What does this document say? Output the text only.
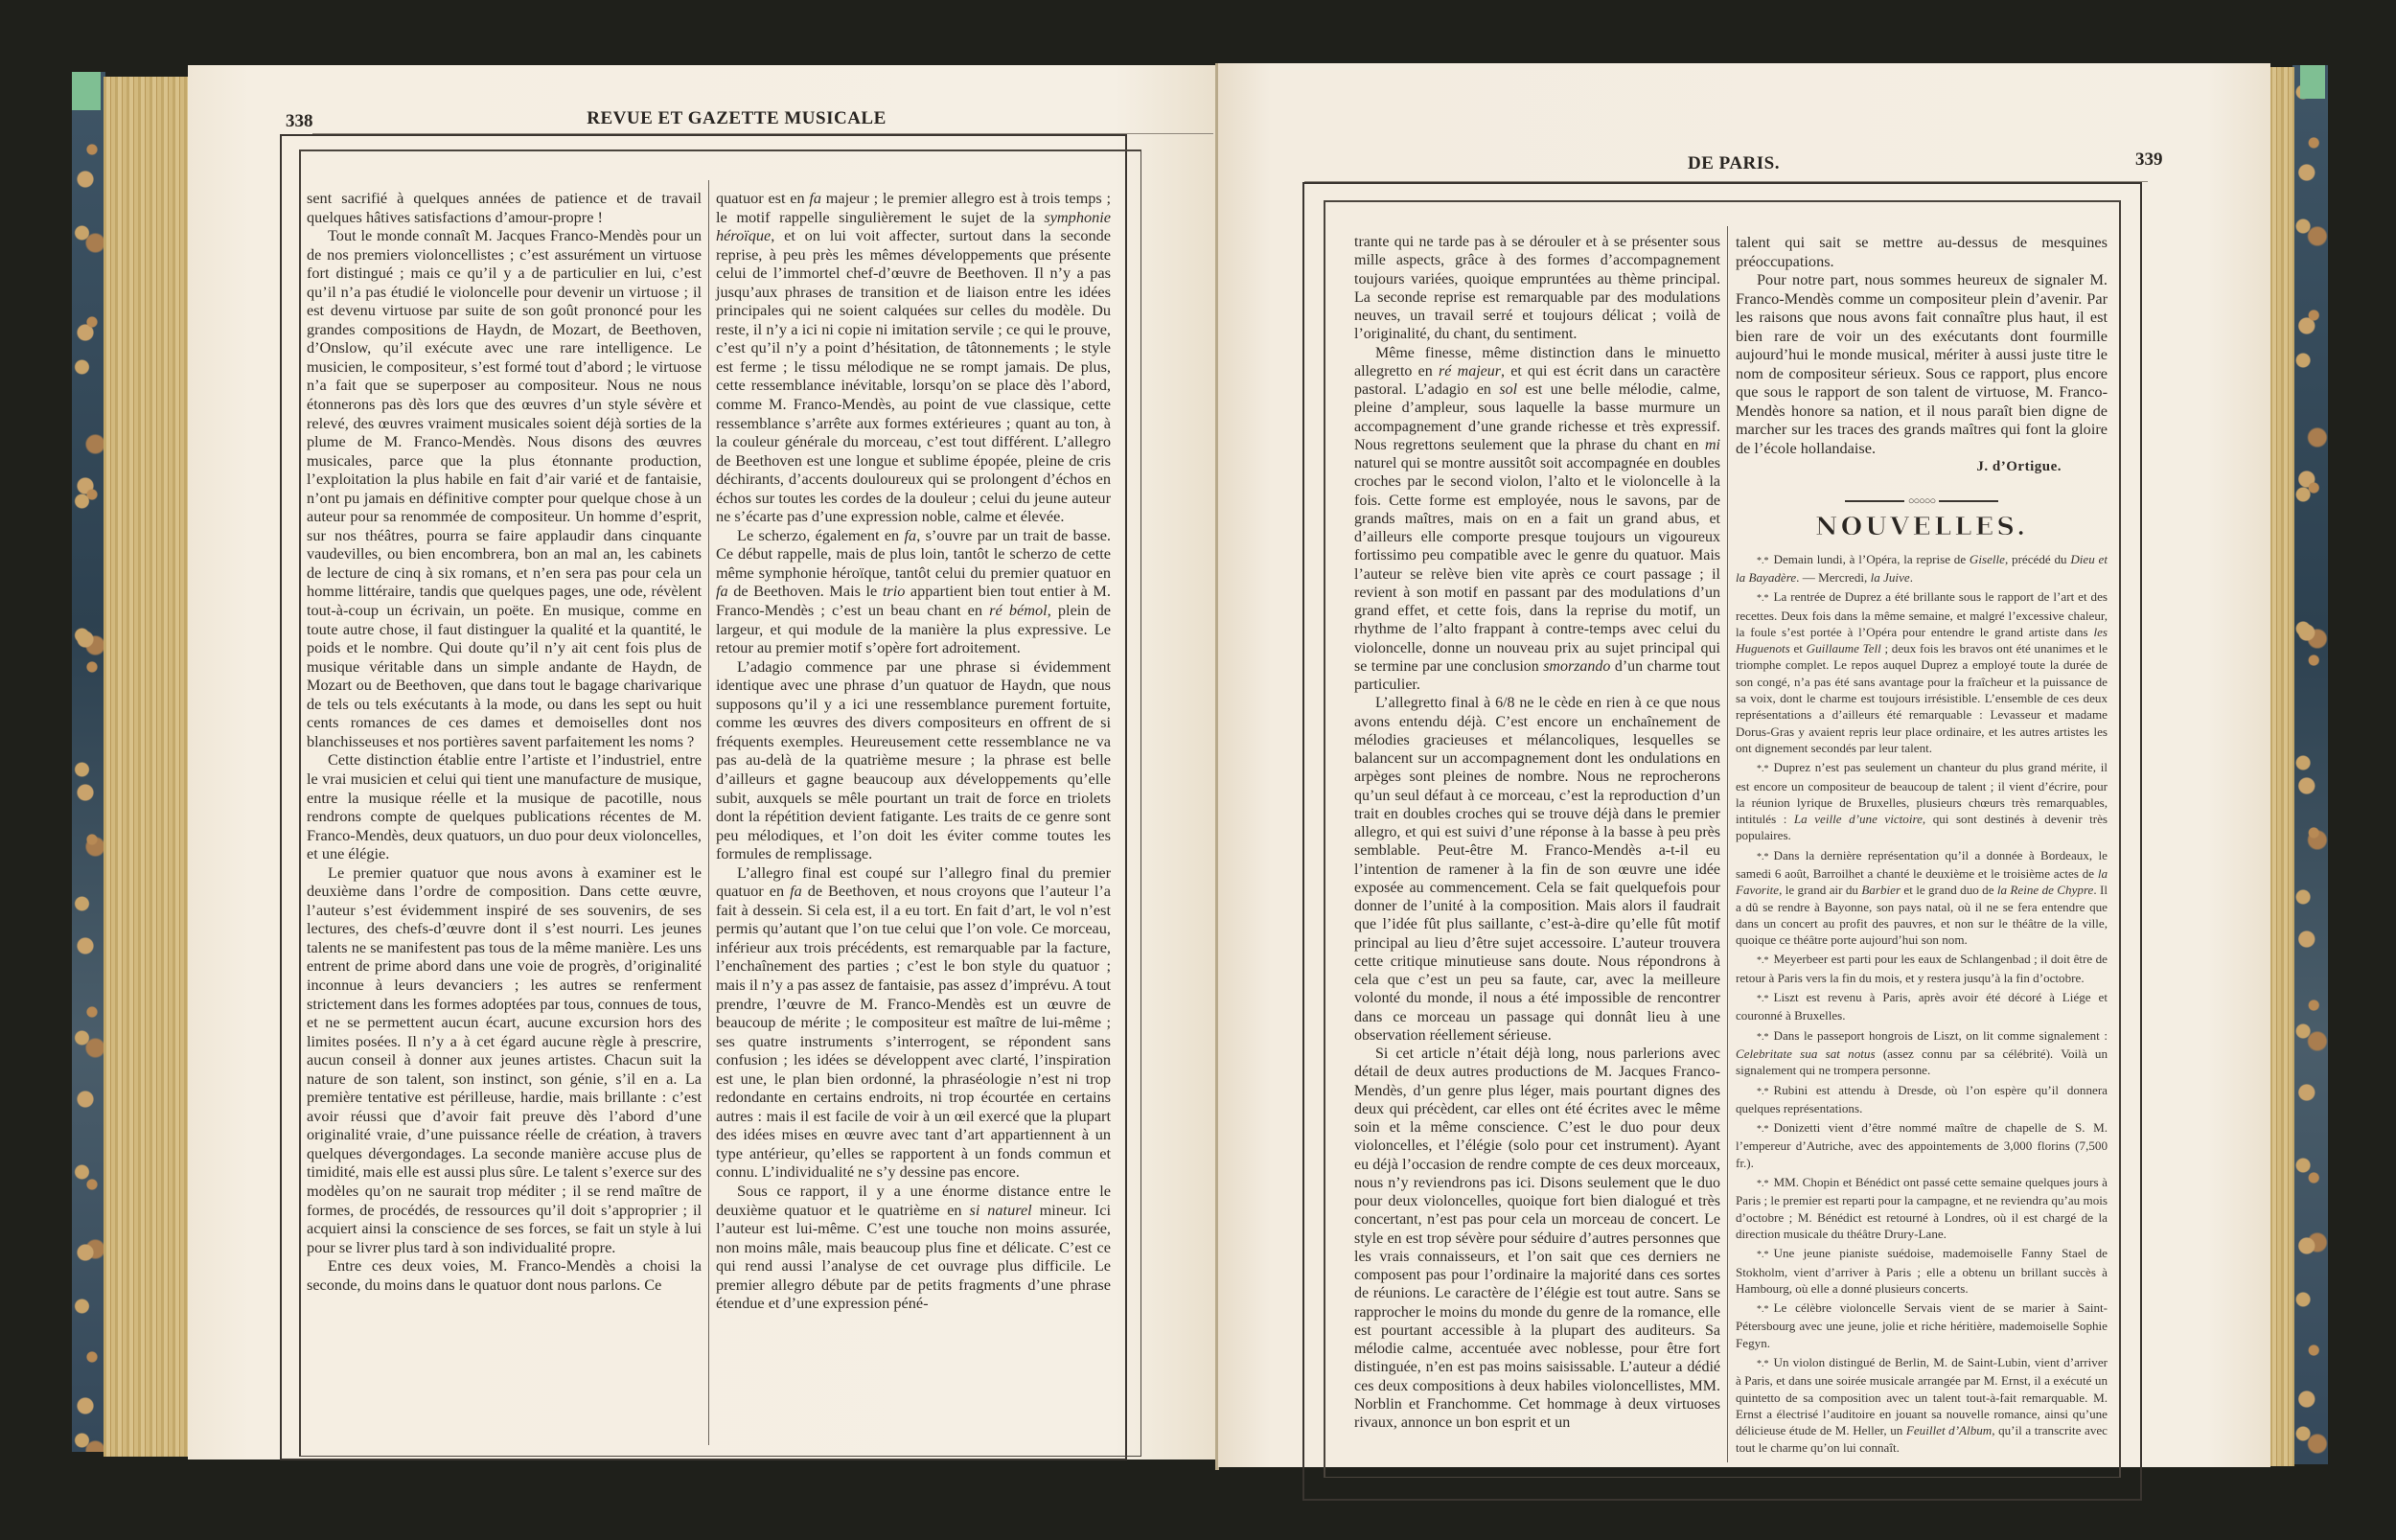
338	REVUE ET GAZETTE MUSICALE

sent sacrifié à quelques années de patience et de travail quelques hâtives satisfactions d’amour-propre !

Tout le monde connaît M. Jacques Franco-Mendès pour un de nos premiers violoncellistes ; c’est assurément un virtuose fort distingué ; mais ce qu’il y a de particulier en lui, c’est qu’il n’a pas étudié le violoncelle pour devenir un virtuose ; il est devenu virtuose par suite de son goût prononcé pour les grandes compositions de Haydn, de Mozart, de Beethoven, d’Onslow, qu’il exécute avec une rare intelligence. Le musicien, le compositeur, s’est formé tout d’abord ; le virtuose n’a fait que se superposer au compositeur. Nous ne nous étonnerons pas dès lors que des œuvres d’un style sévère et relevé, des œuvres vraiment musicales soient déjà sorties de la plume de M. Franco-Mendès. Nous disons des œuvres musicales, parce que la plus étonnante production, l’exploitation la plus habile en fait d’air varié et de fantaisie, n’ont pu jamais en définitive compter pour quelque chose à un auteur pour sa renommée de compositeur. Un homme d’esprit, sur nos théâtres, pourra se faire applaudir dans cinquante vaudevilles, ou bien encombrera, bon an mal an, les cabinets de lecture de cinq à six romans, et n’en sera pas pour cela un homme littéraire, tandis que quelques pages, une ode, révèlent tout-à-coup un écrivain, un poëte. En musique, comme en toute autre chose, il faut distinguer la qualité et la quantité, le poids et le nombre. Qui doute qu’il n’y ait cent fois plus de musique véritable dans un simple andante de Haydn, de Mozart ou de Beethoven, que dans tout le bagage charivarique de tels ou tels exécutants à la mode, ou dans les sept ou huit cents romances de ces dames et demoiselles dont nos blanchisseuses et nos portières savent parfaitement les noms ?

Cette distinction établie entre l’artiste et l’industriel, entre le vrai musicien et celui qui tient une manufacture de musique, entre la musique réelle et la musique de pacotille, nous rendrons compte de quelques publications récentes de M. Franco-Mendès, deux quatuors, un duo pour deux violoncelles, et une élégie.

Le premier quatuor que nous avons à examiner est le deuxième dans l’ordre de composition. Dans cette œuvre, l’auteur s’est évidemment inspiré de ses souvenirs, de ses lectures, des chefs-d’œuvre dont il s’est nourri. Les jeunes talents ne se manifestent pas tous de la même manière. Les uns entrent de prime abord dans une voie de progrès, d’originalité inconnue à leurs devanciers ; les autres se renferment strictement dans les formes adoptées par tous, connues de tous, et ne se permettent aucun écart, aucune excursion hors des limites posées. Il n’y a à cet égard aucune règle à prescrire, aucun conseil à donner aux jeunes artistes. Chacun suit la nature de son talent, son instinct, son génie, s’il en a. La première tentative est périlleuse, hardie, mais brillante : c’est avoir réussi que d’avoir fait preuve dès l’abord d’une originalité vraie, d’une puissance réelle de création, à travers quelques dévergondages. La seconde manière accuse plus de timidité, mais elle est aussi plus sûre. Le talent s’exerce sur des modèles qu’on ne saurait trop méditer ; il se rend maître de formes, de procédés, de ressources qu’il doit s’approprier ; il acquiert ainsi la conscience de ses forces, se fait un style à lui pour se livrer plus tard à son individualité propre.

Entre ces deux voies, M. Franco-Mendès a choisi la seconde, du moins dans le quatuor dont nous parlons. Ce

quatuor est en fa majeur ; le premier allegro est à trois temps ; le motif rappelle singulièrement le sujet de la symphonie héroïque, et on lui voit affecter, surtout dans la seconde reprise, à peu près les mêmes développements que présente celui de l’immortel chef-d’œuvre de Beethoven. Il n’y a pas jusqu’aux phrases de transition et de liaison entre les idées principales qui ne soient calquées sur celles du modèle. Du reste, il n’y a ici ni copie ni imitation servile ; ce qui le prouve, c’est qu’il n’y a point d’hésitation, de tâtonnements ; le style est ferme ; le tissu mélodique ne se rompt jamais. De plus, cette ressemblance inévitable, lorsqu’on se place dès l’abord, comme M. Franco-Mendès, au point de vue classique, cette ressemblance s’arrête aux formes extérieures ; quant au ton, à la couleur générale du morceau, c’est tout différent. L’allegro de Beethoven est une longue et sublime épopée, pleine de cris déchirants, d’accents douloureux qui se prolongent d’échos en échos sur toutes les cordes de la douleur ; celui du jeune auteur ne s’écarte pas d’une expression noble, calme et élevée.

Le scherzo, également en fa, s’ouvre par un trait de basse. Ce début rappelle, mais de plus loin, tantôt le scherzo de cette même symphonie héroïque, tantôt celui du premier quatuor en fa de Beethoven. Mais le trio appartient bien tout entier à M. Franco-Mendès ; c’est un beau chant en ré bémol, plein de largeur, et qui module de la manière la plus expressive. Le retour au premier motif s’opère fort adroitement.

L’adagio commence par une phrase si évidemment identique avec une phrase d’un quatuor de Haydn, que nous supposons qu’il y a ici une ressemblance purement fortuite, comme les œuvres des divers compositeurs en offrent de si fréquents exemples. Heureusement cette ressemblance ne va pas au-delà de la quatrième mesure ; la phrase est belle d’ailleurs et gagne beaucoup aux développements qu’elle subit, auxquels se mêle pourtant un trait de force en triolets dont la répétition devient fatigante. Les traits de ce genre sont peu mélodiques, et l’on doit les éviter comme toutes les formules de remplissage.

L’allegro final est coupé sur l’allegro final du premier quatuor en fa de Beethoven, et nous croyons que l’auteur l’a fait à dessein. Si cela est, il a eu tort. En fait d’art, le vol n’est permis qu’autant que l’on tue celui que l’on vole. Ce morceau, inférieur aux trois précédents, est remarquable par la facture, l’enchaînement des parties ; c’est le bon style du quatuor ; mais il n’y a pas assez de fantaisie, pas assez d’imprévu. A tout prendre, l’œuvre de M. Franco-Mendès est un œuvre de beaucoup de mérite ; le compositeur est maître de lui-même ; ses quatre instruments s’interrogent, se répondent sans confusion ; les idées se développent avec clarté, l’inspiration est une, le plan bien ordonné, la phraséologie n’est ni trop redondante en certains endroits, ni trop écourtée en certains autres : mais il est facile de voir à un œil exercé que la plupart des idées mises en œuvre avec tant d’art appartiennent à un type antérieur, qu’elles se rapportent à un fonds commun et connu. L’individualité ne s’y dessine pas encore.

Sous ce rapport, il y a une énorme distance entre le deuxième quatuor et le quatrième en si naturel mineur. Ici l’auteur est lui-même. C’est une touche non moins assurée, non moins mâle, mais beaucoup plus fine et délicate. C’est ce qui rend aussi l’analyse de cet ouvrage plus difficile. Le premier allegro débute par de petits fragments d’une phrase étendue et d’une expression péné-

DE PARIS.	339

trante qui ne tarde pas à se dérouler et à se présenter sous mille aspects, grâce à des formes d’accompagnement toujours variées, quoique empruntées au thème principal. La seconde reprise est remarquable par des modulations neuves, un travail serré et toujours délicat ; voilà de l’originalité, du chant, du sentiment.

Même finesse, même distinction dans le minuetto allegretto en ré majeur, et qui est écrit dans un caractère pastoral. L’adagio en sol est une belle mélodie, calme, pleine d’ampleur, sous laquelle la basse murmure un accompagnement d’une grande richesse et très expressif. Nous regrettons seulement que la phrase du chant en mi naturel qui se montre aussitôt soit accompagnée en doubles croches par le second violon, l’alto et le violoncelle à la fois. Cette forme est employée, nous le savons, par de grands maîtres, mais on en a fait un grand abus, et d’ailleurs elle comporte presque toujours un vigoureux fortissimo peu compatible avec le genre du quatuor. Mais l’auteur se relève bien vite après ce court passage ; il revient à son motif en passant par des modulations d’un grand effet, et cette fois, dans la reprise du motif, un rhythme de l’alto frappant à contre-temps avec celui du violoncelle, donne un nouveau prix au sujet principal qui se termine par une conclusion smorzando d’un charme tout particulier.

L’allegretto final à 6/8 ne le cède en rien à ce que nous avons entendu déjà. C’est encore un enchaînement de mélodies gracieuses et mélancoliques, lesquelles se balancent sur un accompagnement dont les ondulations en arpèges sont pleines de nombre. Nous ne reprocherons qu’un seul défaut à ce morceau, c’est la reproduction d’un trait en doubles croches qui se trouve déjà dans le premier allegro, et qui est suivi d’une réponse à la basse à peu près semblable. Peut-être M. Franco-Mendès a-t-il eu l’intention de ramener à la fin de son œuvre une idée exposée au commencement. Cela se fait quelquefois pour donner de l’unité à la composition. Mais alors il faudrait que l’idée fût plus saillante, c’est-à-dire qu’elle fût motif principal au lieu d’être sujet accessoire. L’auteur trouvera cette critique minutieuse sans doute. Nous répondrons à cela que c’est un peu sa faute, car, avec la meilleure volonté du monde, il nous a été impossible de rencontrer dans ce morceau un passage qui donnât lieu à une observation réellement sérieuse.

Si cet article n’était déjà long, nous parlerions avec détail de deux autres productions de M. Jacques Franco-Mendès, d’un genre plus léger, mais pourtant dignes des deux qui précèdent, car elles ont été écrites avec le même soin et la même conscience. C’est le duo pour deux violoncelles, et l’élégie (solo pour cet instrument). Ayant eu déjà l’occasion de rendre compte de ces deux morceaux, nous n’y reviendrons pas ici. Disons seulement que le duo pour deux violoncelles, quoique fort bien dialogué et très concertant, n’est pas pour cela un morceau de concert. Le style en est trop sévère pour séduire d’autres personnes que les vrais connaisseurs, et l’on sait que ces derniers ne composent pas pour l’ordinaire la majorité dans ces sortes de réunions. Le caractère de l’élégie est tout autre. Sans se rapprocher le moins du monde du genre de la romance, elle est pourtant accessible à la plupart des auditeurs. Sa mélodie calme, accentuée avec noblesse, pour être fort distinguée, n’en est pas moins saisissable. L’auteur a dédié ces deux compositions à deux habiles violoncellistes, MM. Norblin et Franchomme. Cet hommage à deux virtuoses rivaux, annonce un bon esprit et un

talent qui sait se mettre au-dessus de mesquines préoccupations.

Pour notre part, nous sommes heureux de signaler M. Franco-Mendès comme un compositeur plein d’avenir. Par les raisons que nous avons fait connaître plus haut, il est bien rare de voir un des exécutants dont fourmille aujourd’hui le monde musical, mériter à aussi juste titre le nom de compositeur sérieux. Sous ce rapport, plus encore que sous le rapport de son talent de virtuose, M. Franco-Mendès honore sa nation, et il nous paraît bien digne de marcher sur les traces des grands maîtres qui font la gloire de l’école hollandaise.

J. d’Ortigue.
○○○○○
NOUVELLES.

*.* Demain lundi, à l’Opéra, la reprise de Giselle, précédé du Dieu et la Bayadère. — Mercredi, la Juive.

*.* La rentrée de Duprez a été brillante sous le rapport de l’art et des recettes. Deux fois dans la même semaine, et malgré l’excessive chaleur, la foule s’est portée à l’Opéra pour entendre le grand artiste dans les Huguenots et Guillaume Tell ; deux fois les bravos ont été unanimes et le triomphe complet. Le repos auquel Duprez a employé toute la durée de son congé, n’a pas été sans avantage pour la fraîcheur et la puissance de sa voix, dont le charme est toujours irrésistible. L’ensemble de ces deux représentations a d’ailleurs été remarquable : Levasseur et madame Dorus-Gras y avaient repris leur place ordinaire, et les autres artistes les ont dignement secondés par leur talent.

*.* Duprez n’est pas seulement un chanteur du plus grand mérite, il est encore un compositeur de beaucoup de talent ; il vient d’écrire, pour la réunion lyrique de Bruxelles, plusieurs chœurs très remarquables, intitulés : La veille d’une victoire, qui sont destinés à devenir très populaires.

*.* Dans la dernière représentation qu’il a donnée à Bordeaux, le samedi 6 août, Barroilhet a chanté le deuxième et le troisième actes de la Favorite, le grand air du Barbier et le grand duo de la Reine de Chypre. Il a dû se rendre à Bayonne, son pays natal, où il ne se fera entendre que dans un concert au profit des pauvres, et non sur le théâtre de la ville, quoique ce théâtre porte aujourd’hui son nom.

*.* Meyerbeer est parti pour les eaux de Schlangenbad ; il doit être de retour à Paris vers la fin du mois, et y restera jusqu’à la fin d’octobre.

*.* Liszt est revenu à Paris, après avoir été décoré à Liége et couronné à Bruxelles.

*.* Dans le passeport hongrois de Liszt, on lit comme signalement : Celebritate sua sat notus (assez connu par sa célébrité). Voilà un signalement qui ne trompera personne.

*.* Rubini est attendu à Dresde, où l’on espère qu’il donnera quelques représentations.

*.* Donizetti vient d’être nommé maître de chapelle de S. M. l’empereur d’Autriche, avec des appointements de 3,000 florins (7,500 fr.).

*.* MM. Chopin et Bénédict ont passé cette semaine quelques jours à Paris ; le premier est reparti pour la campagne, et ne reviendra qu’au mois d’octobre ; M. Bénédict est retourné à Londres, où il est chargé de la direction musicale du théâtre Drury-Lane.

*.* Une jeune pianiste suédoise, mademoiselle Fanny Stael de Stokholm, vient d’arriver à Paris ; elle a obtenu un brillant succès à Hambourg, où elle a donné plusieurs concerts.

*.* Le célèbre violoncelle Servais vient de se marier à Saint-Pétersbourg avec une jeune, jolie et riche héritière, mademoiselle Sophie Fegyn.

*.* Un violon distingué de Berlin, M. de Saint-Lubin, vient d’arriver à Paris, et dans une soirée musicale arrangée par M. Ernst, il a exécuté un quintetto de sa composition avec un talent tout-à-fait remarquable. M. Ernst a électrisé l’auditoire en jouant sa nouvelle romance, ainsi qu’une délicieuse étude de M. Heller, un Feuillet d’Album, qu’il a transcrite avec tout le charme qu’on lui connaît.
